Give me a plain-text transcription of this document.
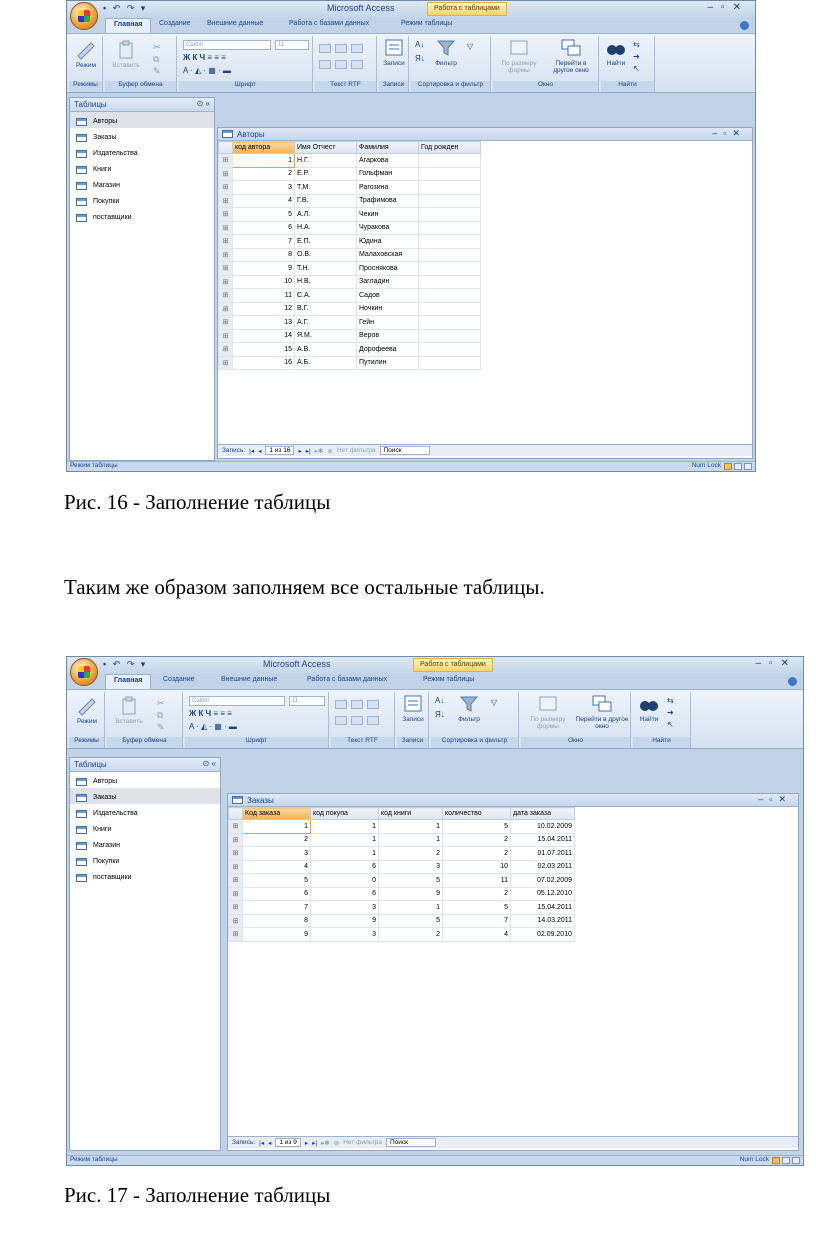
▪ ↶ ↷ ▾	Microsoft Access	Работа с таблицами	–▫✕
Главная	Создание Внешние данные	Работа с базами данных	Режим таблицы
Режим
Режимы
Вставить
✂
⧉
✎
Буфер обмена
Calibri	11
Ж К Ч ≡ ≡ ≡
A · ◭ · ▦ · ▬
Шрифт	Текст RTF
Записи
Записи
A↓
Я↓
Фильтр
▽
Сортировка и фильтр
По размеру формы
Перейти в другое окно
Окно
Найти
⇆
➜
↖
Найти
Таблицы	⊙ «
Авторы
Заказы
Издательства
Книги
Магазин
Покупки
поставщики
Авторы	–▫✕
	код автора	Имя Отчест	Фамилия	Год рожден
⊞	1	Н.Г.	Агаркова	
⊞	2	Е.Р.	Гольфман	
⊞	3	Т.М.	Рагозина	
⊞	4	Г.В.	Трафимова	
⊞	5	А.Л.	Чекин	
⊞	6	Н.А.	Чуракова	
⊞	7	Е.П.	Юдина	
⊞	8	О.В.	Малаховская	
⊞	9	Т.Н.	Проснякова	
⊞	10	Н.В.	Загладин	
⊞	11	С.А.	Садов	
⊞	12	В.Г.	Ночкин	
⊞	13	А.Г.	Гейн	
⊞	14	Я.М.	Веров	
⊞	15	А.В.	Дорофеева	
⊞	16	А.Б.	Путилин	
Запись: |◂ ◂	1 из 16	▸ ▸| ▸✱ ⊗ Нет фильтра	Поиск
Режим таблицы	Num Lock
Рис. 16 - Заполнение таблицы
Таким же образом заполняем все остальные таблицы.
▪ ↶ ↷ ▾	Microsoft Access	Работа с таблицами	–▫✕
Главная	Создание	Внешние данные	Работа с базами данных	Режим таблицы
Режим
Режимы
Вставить
✂
⧉
✎
Буфер обмена
Calibri	11
Ж К Ч ≡ ≡ ≡
A · ◭ · ▦ · ▬
Шрифт	Текст RTF
Записи
Записи
A↓
Я↓
Фильтр
▽
Сортировка и фильтр
По размеру формы
Перейти в другое окно
Окно
Найти
⇆
➜
↖
Найти
Таблицы	⊙ «
Авторы
Заказы
Издательства
Книги
Магазин
Покупки
поставщики
Заказы	–▫✕
	Код заказа	код покупа	код книги	количество	дата заказа
⊞	1	1	1	5	10.02.2009
⊞	2	1	1	2	15.04.2011
⊞	3	1	2	2	01.07.2011
⊞	4	6	3	10	02.03.2011
⊞	5	0	5	11	07.02.2009
⊞	6	6	9	2	05.12.2010
⊞	7	3	1	5	15.04.2011
⊞	8	9	5	7	14.03.2011
⊞	9	3	2	4	02.09.2010
Запись: |◂ ◂	1 из 9	▸ ▸| ▸✱ ⊗ Нет фильтра	Поиск
Режим таблицы	Num Lock
Рис. 17 - Заполнение таблицы
